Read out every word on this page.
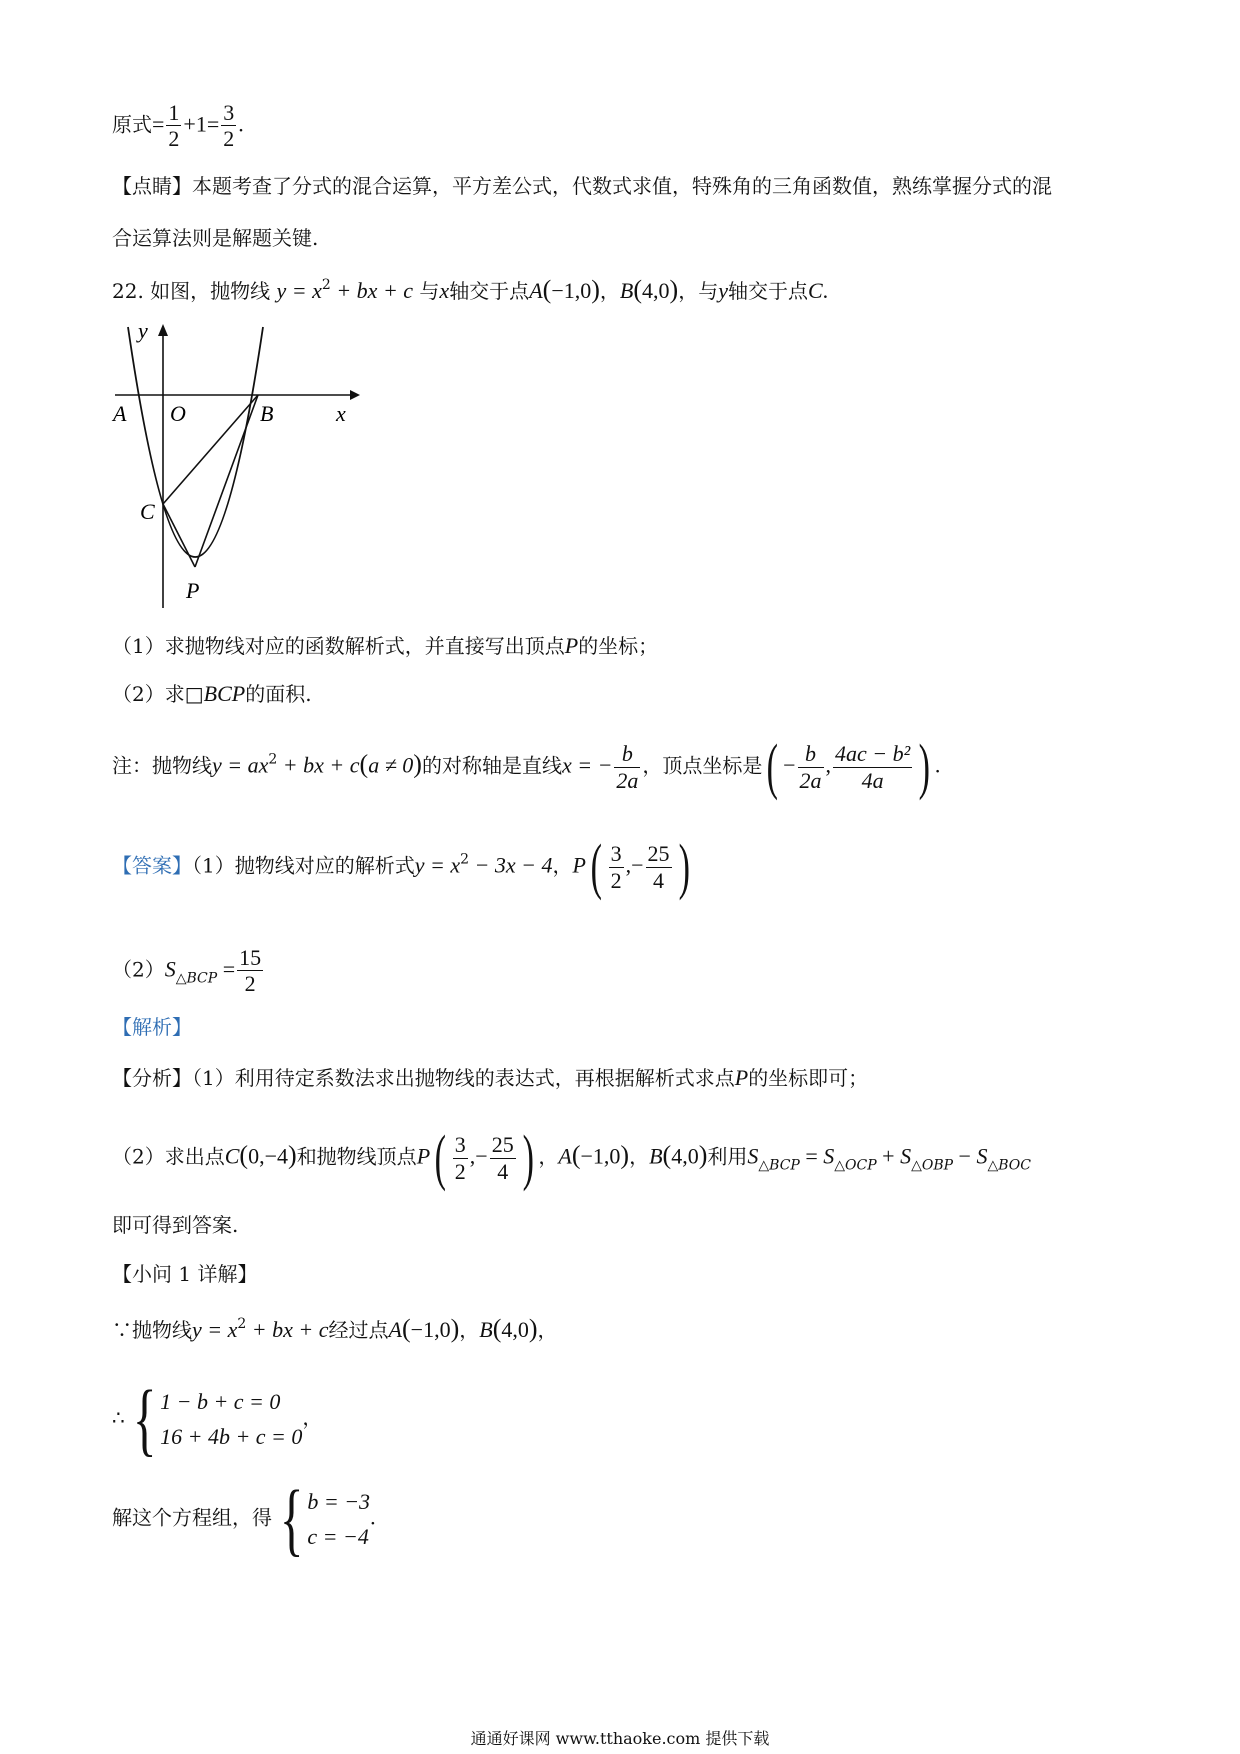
原式= $\frac{1}{2} +1= \frac{3}{2}$ .
【点睛】本题考查了分式的混合运算，平方差公式，代数式求值，特殊角的三角函数值，熟练掌握分式的混
合运算法则是解题关键.
22. 如图，抛物线 $y = x^2$ + bx + c 与x轴交于点A(−1,0)，B(4,0)，与y轴交于点C.
y
x
A O	B
C
P
（1）求抛物线对应的函数解析式，并直接写出顶点P的坐标；
（2）求□BCP的面积.
注：抛物线$y = ax^2$ + bx + c(a ≠ 0)的对称轴是直线x = − $\frac{b}{2a}$ ，顶点坐标是( − $\frac{b}{2a}$ , $\frac{\text{4ac − b²}}{4a}$ ) .
【答案】（1）抛物线对应的解析式$y = x^2 - 3x - 4$，$P( \frac{3}{2}$ ,− $\frac{25}{4}$ )
$(2)S_{\triangle BCP} = \frac{15}{2}$
【解析】
【分析】（1）利用待定系数法求出抛物线的表达式，再根据解析式求点P的坐标即可；
（2）求出点C(0,−4)和抛物线顶点$P( \frac{3}{2}$ ,− $\frac{25}{4}$ ) ，A(−1,0)，B(4,0)利用$S_{\triangle BCP} = S_{\triangle OCP} + S_{\triangle OBP} - S_{\triangle BOC}$
即可得到答案.
【小问 1 详解】
∵抛物线$y = x^2$ + bx + c经过点A(−1,0)，B(4,0)，
∴{ 1 − b + c = 0
16 + 4b + c = 0
，
解这个方程组，得{ b = −3
c = −4
.
通通好课网 www.tthaoke.com 提供下载
